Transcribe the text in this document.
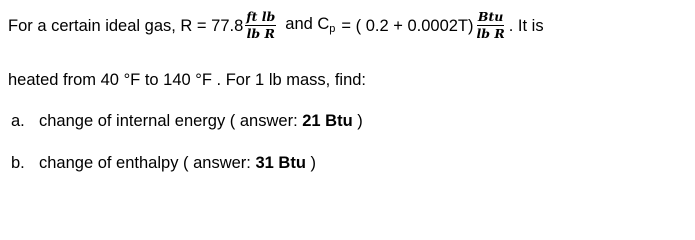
For a certain ideal gas, $R = 77.8 \frac{\text{ft lb}}{\text{lb R}}$ and $C_p$ = ( $0.2 + 0.0002T) \frac{\text{Btu}}{\text{lb R}}$ . It is
heated from 40 °F to 140 °F . For 1 lb mass, find:
a. change of internal energy ( answer: 21 Btu )
b. change of enthalpy ( answer: 31 Btu )
